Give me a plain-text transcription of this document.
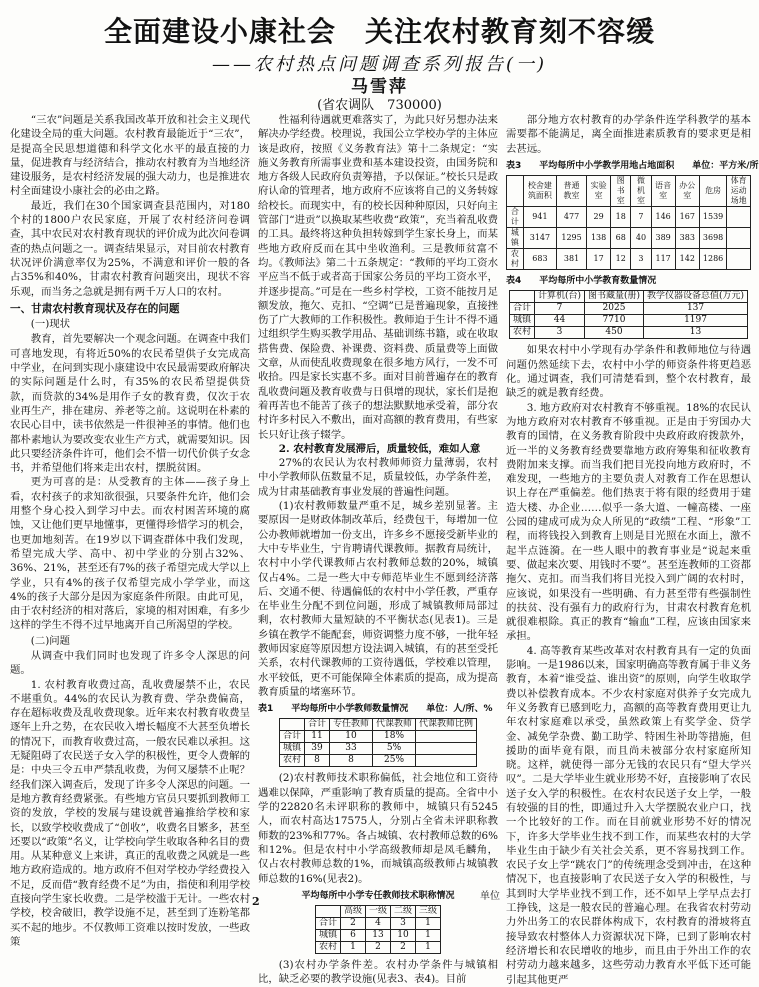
全面建设小康社会　关注农村教育刻不容缓
——农村热点问题调查系列报告(一)
马雪萍
(省农调队　730000)

“三农”问题是关系我国改革开放和社会主义现代化建设全局的重大问题。农村教育最能近于“三农”，是提高全民思想道德和科学文化水平的最直接的力量，促进教育与经济结合，推动农村教育为当地经济建设服务，是农村经济发展的强大动力，也是推进农村全面建设小康社会的必由之路。

最近，我们在30个国家调查县范围内，对180个村的1800户农民家庭，开展了农村经济问卷调查，其中农民对农村教育现状的评价成为此次问卷调查的热点问题之一。调查结果显示，对目前农村教育状况评价满意率仅为25%，不满意和评价一般的各占35%和40%，甘肃农村教育问题突出，现状不容乐观，而当务之急就是拥有两千万人口的农村。

一、甘肃农村教育现状及存在的问题
(一)现状

教育，首先要解决一个观念问题。在调查中我们可喜地发现，有将近50%的农民希望供子女完成高中学业，在问到实现小康建设中农民最需要政府解决的实际问题是什么时，有35%的农民希望提供贷款，而贷款的34%是用作子女的教育费，仅次于农业再生产，排在建房、养老等之前。这说明在朴素的农民心目中，读书依然是一件很神圣的事情。他们也都朴素地认为要改变农业生产方式，就需要知识。因此只要经济条件许可，他们会不惜一切代价供子女念书，并希望他们将来走出农村，摆脱贫困。

更为可喜的是：从受教育的主体——孩子身上看，农村孩子的求知欲很强，只要条件允许，他们会用整个身心投入到学习中去。而农村困苦环境的腐蚀，又让他们更早地懂事，更懂得珍惜学习的机会，也更加地刻苦。在19岁以下调查群体中我们发现，希望完成大学、高中、初中学业的分别占32%、36%、21%，甚至还有7%的孩子希望完成大学以上学业，只有4%的孩子仅希望完成小学学业，而这4%的孩子大部分是因为家庭条件所限。由此可见，由于农村经济的相对落后，家境的相对困难，有多少这样的学生不得不过早地离开自己所渴望的学校。

(二)问题

从调查中我们同时也发现了许多令人深思的问题。

1. 农村教育收费过高，乱收费屡禁不止，农民不堪重负。44%的农民认为教育费、学杂费偏高，存在超标收费及乱收费现象。近年来农村教育收费呈逐年上升之势，在农民收入增长幅度不大甚至负增长的情况下，而教育收费过高，一般农民难以承担。这无疑阻碍了农民送子女入学的积极性，更令人费解的是：中央三令五申严禁乱收费，为何又屡禁不止呢？经我们深入调查后，发现了许多令人深思的问题。一是地方教育经费紧张。有些地方官员只要抓到教师工资的发放，学校的发展与建设就普遍推给学校和家长，以致学校收费成了“创收”，收费名目繁多，甚至还要以“政策”名义，让学校向学生收取各种名目的费用。从某种意义上来讲，真正的乱收费之风就是一些地方政府造成的。地方政府不但对学校办学经费投入不足，反而借“教育经费不足”为由，指使和利用学校直接向学生家长收费。二是学校滥于无计。一些农村学校，校舍破旧，教学设施不足，甚至到了连粉笔都买不起的地步。不仅教师工资难以按时发放，一些政策

性福利待遇就更难落实了，为此只好另想办法来解决办学经费。校理说，我国公立学校办学的主体应该是政府，按照《义务教育法》第十二条规定：“实施义务教育所需事业费和基本建设投资，由国务院和地方各级人民政府负责筹措，予以保证。”校长只是政府认命的管理者，地方政府不应该将自己的义务转嫁给校长。而现实中，有的校长因种种原因，只好向主管部门“进贡”以换取某些收费“政策”，充当着乱收费的工具。最终将这种负担转嫁到学生家长身上，而某些地方政府反而在其中坐收渔利。三是教师贫富不均。《教师法》第二十五条规定：“教师的平均工资水平应当不低于或者高于国家公务员的平均工资水平，并逐步提高。”可是在一些乡村学校，工资不能按月足额发放，拖欠、克扣、“空调”已是普遍现象，直接挫伤了广大教师的工作积极性。教师迫于生计不得不通过组织学生购买教学用品、基础训练书籍，或在收取搭售费、保险费、补课费、资料费、质量费等上面做文章，从而使乱收费现象在很多地方风行，一发不可收拾。四是家长实惠不多。面对目前普遍存在的教育乱收费问题及教育收费与日俱增的现状，家长们是抱着再苦也不能苦了孩子的想法默默地承受着，部分农村许多村民入不敷出，面对高额的教育费用，有些家长只好让孩子辍学。

2. 农村教育发展滞后，质量较低，难如人意

27%的农民认为农村教师师资力量薄弱，农村中小学教师队伍数量不足，质量较低，办学条件差，成为甘肃基础教育事业发展的普遍性问题。

(1)农村教师数量严重不足，城乡差别显著。主要原因一是财政体制改革后，经费包干，每增加一位公办教师就增加一份支出，许多乡不愿接受新毕业的大中专毕业生，宁肯聘请代课教师。据教育局统计，农村中小学代课教师占农村教师总数的20%，城镇仅占4%。二是一些大中专师范毕业生不愿到经济落后、交通不便、待遇偏低的农村中小学任教，严重存在毕业生分配不到位问题，形成了城镇教师局部过剩，农村教师大量短缺的不平衡状态(见表1)。三是乡镇在教学不能配套，师资调整力度不够，一批年轻教师因家庭等原因想方设法调入城镇，有的甚至受托关系，农村代课教师的工资待遇低，学校难以管理，水平较低，更不可能保障全体素质的提高，成为提高教育质量的堵塞环节。

表1　　平均每所中小学教师数量情况　　单位：人/所、%
	合计	专任教师	代课教师	代课教师比例
合计	11	10	18%	
城镇	39	33	5%	
农村	8	8	25%	

(2)农村教师技术职称偏低，社会地位和工资待遇难以保障，严重影响了教育质量的提高。全省中小学的22820名未评职称的教师中，城镇只有5245人，而农村高达17575人，分别占全省未评职称教师数的23%和77%。各占城镇、农村教师总数的6%和12%。但是农村中小学高级教师却是凤毛麟角，仅占农村教师总数的1%，而城镇高级教师占城镇教师总数的16%(见表2)。

平均每所中小学专任教师技术职称情况
	高级	一级	二级	三级
合计	2	4	3	1
城镇	6	13	10	1
农村	1	2	2	1

(3)农村办学条件差。农村办学条件与城镇相比，缺乏必要的教学设施(见表3、表4)。目前

部分地方农村教育的办学条件连学科教学的基本需要都不能满足，离全面推进素质教育的要求更是相去甚远。

表3　　平均每所中小学教学用地占地面积　　单位：平方米/所
	校舍建筑面积	普通教室	实验室	图书室	微机室	语音室	办公室	危房	体育运动场地
合计	941	477	29	18	7	146	167	1539	
城镇	3147	1295	138	68	40	389	383	3698	
农村	683	381	17	12	3	117	142	1286	
表4　　平均每所中小学教育数量情况
	计算机(台)	图书藏量(册)	教学仪器设备总值(万元)
合计	7	2025	137
城镇	44	7710	1197
农村	3	450	13

如果农村中小学现有办学条件和教师地位与待遇问题仍然延续下去，农村中小学的师资条件将更趋恶化。通过调查，我们可清楚看到，整个农村教育，最缺乏的就是教育经费。

3. 地方政府对农村教育不够重视。18%的农民认为地方政府对农村教育不够重视。正是由于穷国办大教育的国情，在义务教育阶段中央政府政府拨款外，近一半的义务教育经费要靠地方政府筹集和征收教育费附加来支撑。而当我们把目光投向地方政府时，不难发现，一些地方的主要负责人对教育工作在思想认识上存在严重偏差。他们热衷于将有限的经费用于建造大楼、办企业……似乎一条大道、一幢高楼、一座公园的建成可成为众人所见的“政绩”工程、“形象”工程，而将钱投入到教育上则是目光照在水面上，激不起半点涟漪。在一些人眼中的教育事业是“说起来重要、做起来次要、用钱时不要”。甚至连教师的工资都拖欠、克扣。而当我们将目光投入到广阔的农村时，应该说，如果没有一些明确、有力甚至带有些强制性的扶贫、没有强有力的政府行为，甘肃农村教育危机就很难根除。真正的教育“输血”工程，应该由国家来承担。

4. 高等教育某些改革对农村教育具有一定的负面影响。一是1986以来，国家明确高等教育属于非义务教育，本着“谁受益、谁出资”的原则，向学生收取学费以补偿教育成本。不少农村家庭对供养子女完成九年义务教育已感到吃力，高额的高等教育费用更让九年农村家庭难以承受，虽然政策上有奖学金、贷学金、减免学杂费、勤工助学、特困生补助等措施，但援助的面毕竟有限，而且尚未被部分农村家庭所知晓。这样，就使得一部分无钱的农民只有“望大学兴叹”。二是大学毕业生就业形势不好，直接影响了农民送子女入学的积极性。在农村农民送子女上学，一般有较强的目的性，即通过升入大学摆脱农业户口，找一个比较好的工作。而在目前就业形势不好的情况下，许多大学毕业生找不到工作，而某些农村的大学毕业生由于缺少有关社会关系，更不容易找到工作。农民子女上学“跳农门”的传统理念受到冲击，在这种情况下，也直接影响了农民送子女入学的积极性，与其到时大学毕业找不到工作，还不如早上学早点去打工挣钱，这是一般农民的普遍心理。在我省农村劳动力外出务工的农民群体构成下，农村教育的滑坡将直接导致农村整体人力资源状况下降，已到了影响农村经济增长和农民增收的地步，而且由于外出工作的农村劳动力越来越多，这些劳动力教育水平低下还可能引起其他更严

2	单位
